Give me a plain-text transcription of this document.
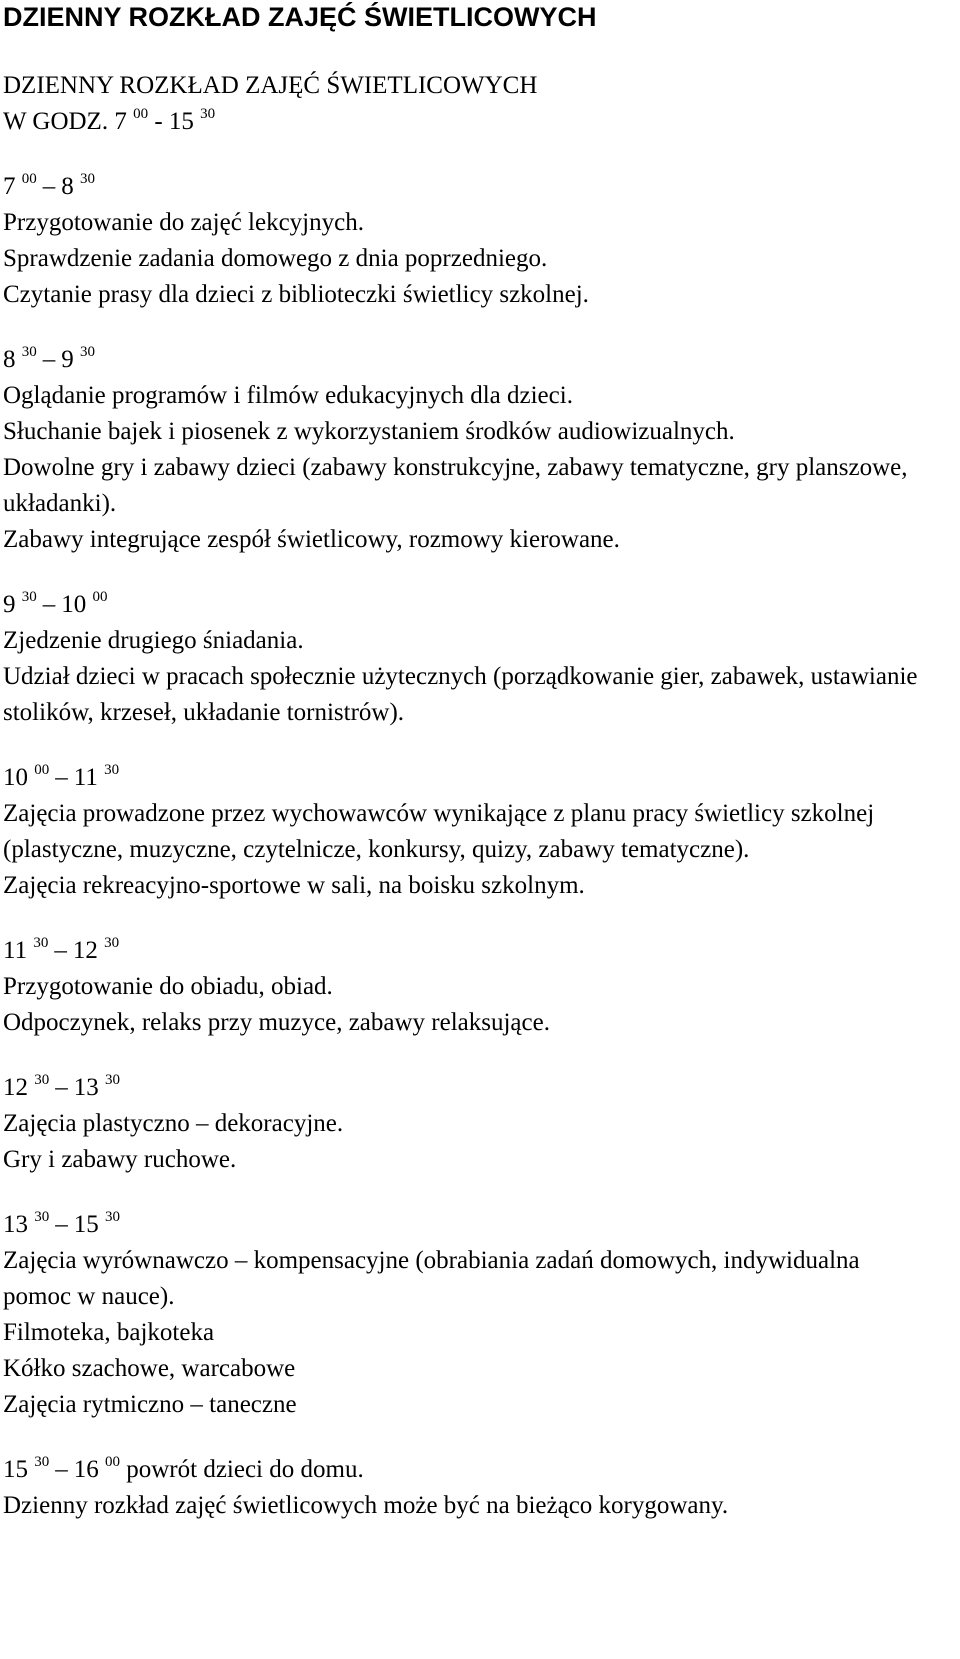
DZIENNY ROZKŁAD ZAJĘĆ ŚWIETLICOWYCH
DZIENNY ROZKŁAD ZAJĘĆ ŚWIETLICOWYCH
W GODZ. 7 $^{00}$ - 15 $^{30}$
7 $^{00}$ – 8 $^{30}$
Przygotowanie do zajęć lekcyjnych.
Sprawdzenie zadania domowego z dnia poprzedniego.
Czytanie prasy dla dzieci z biblioteczki świetlicy szkolnej.
8 $^{30}$ – 9 $^{30}$
Oglądanie programów i filmów edukacyjnych dla dzieci.
Słuchanie bajek i piosenek z wykorzystaniem środków audiowizualnych.
Dowolne gry i zabawy dzieci (zabawy konstrukcyjne, zabawy tematyczne, gry planszowe, układanki).
Zabawy integrujące zespół świetlicowy, rozmowy kierowane.
9 $^{30}$ – 10 $^{00}$
Zjedzenie drugiego śniadania.
Udział dzieci w pracach społecznie użytecznych (porządkowanie gier, zabawek, ustawianie stolików, krzeseł, układanie tornistrów).
10 $^{00}$ – 11 $^{30}$
Zajęcia prowadzone przez wychowawców wynikające z planu pracy świetlicy szkolnej (plastyczne, muzyczne, czytelnicze, konkursy, quizy, zabawy tematyczne).
Zajęcia rekreacyjno-sportowe w sali, na boisku szkolnym.
11 $^{30}$ – 12 $^{30}$
Przygotowanie do obiadu, obiad.
Odpoczynek, relaks przy muzyce, zabawy relaksujące.
12 $^{30}$ – 13 $^{30}$
Zajęcia plastyczno – dekoracyjne.
Gry i zabawy ruchowe.
13 $^{30}$ – 15 $^{30}$
Zajęcia wyrównawczo – kompensacyjne (obrabiania zadań domowych, indywidualna pomoc w nauce).
Filmoteka, bajkoteka
Kółko szachowe, warcabowe
Zajęcia rytmiczno – taneczne
15 $^{30}$ – 16 $^{00}$ powrót dzieci do domu.
Dzienny rozkład zajęć świetlicowych może być na bieżąco korygowany.
